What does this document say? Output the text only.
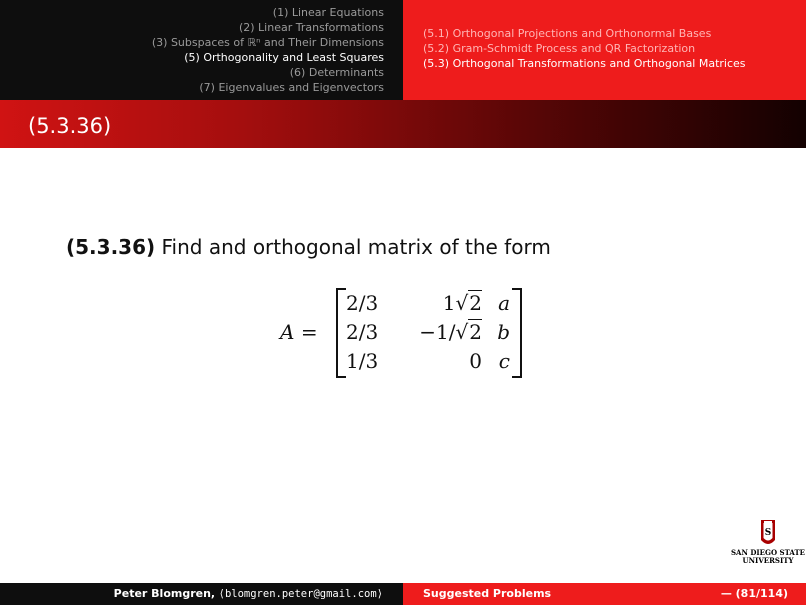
(1) Linear Equations
(2) Linear Transformations
(3) Subspaces of ℝⁿ and Their Dimensions
(5) Orthogonality and Least Squares
(6) Determinants
(7) Eigenvalues and Eigenvectors
(5.1) Orthogonal Projections and Orthonormal Bases
(5.2) Gram-Schmidt Process and QR Factorization
(5.3) Orthogonal Transformations and Orthogonal Matrices
(5.3.36)
(5.3.36) Find and orthogonal matrix of the form
A =
2/3	1√2 a
2/3 −1/√2 b
1/3	0 c
S
SAN DIEGO STATE
UNIVERSITY
Peter Blomgren, ⟨blomgren.peter@gmail.com⟩	Suggested Problems	— (81/114)
